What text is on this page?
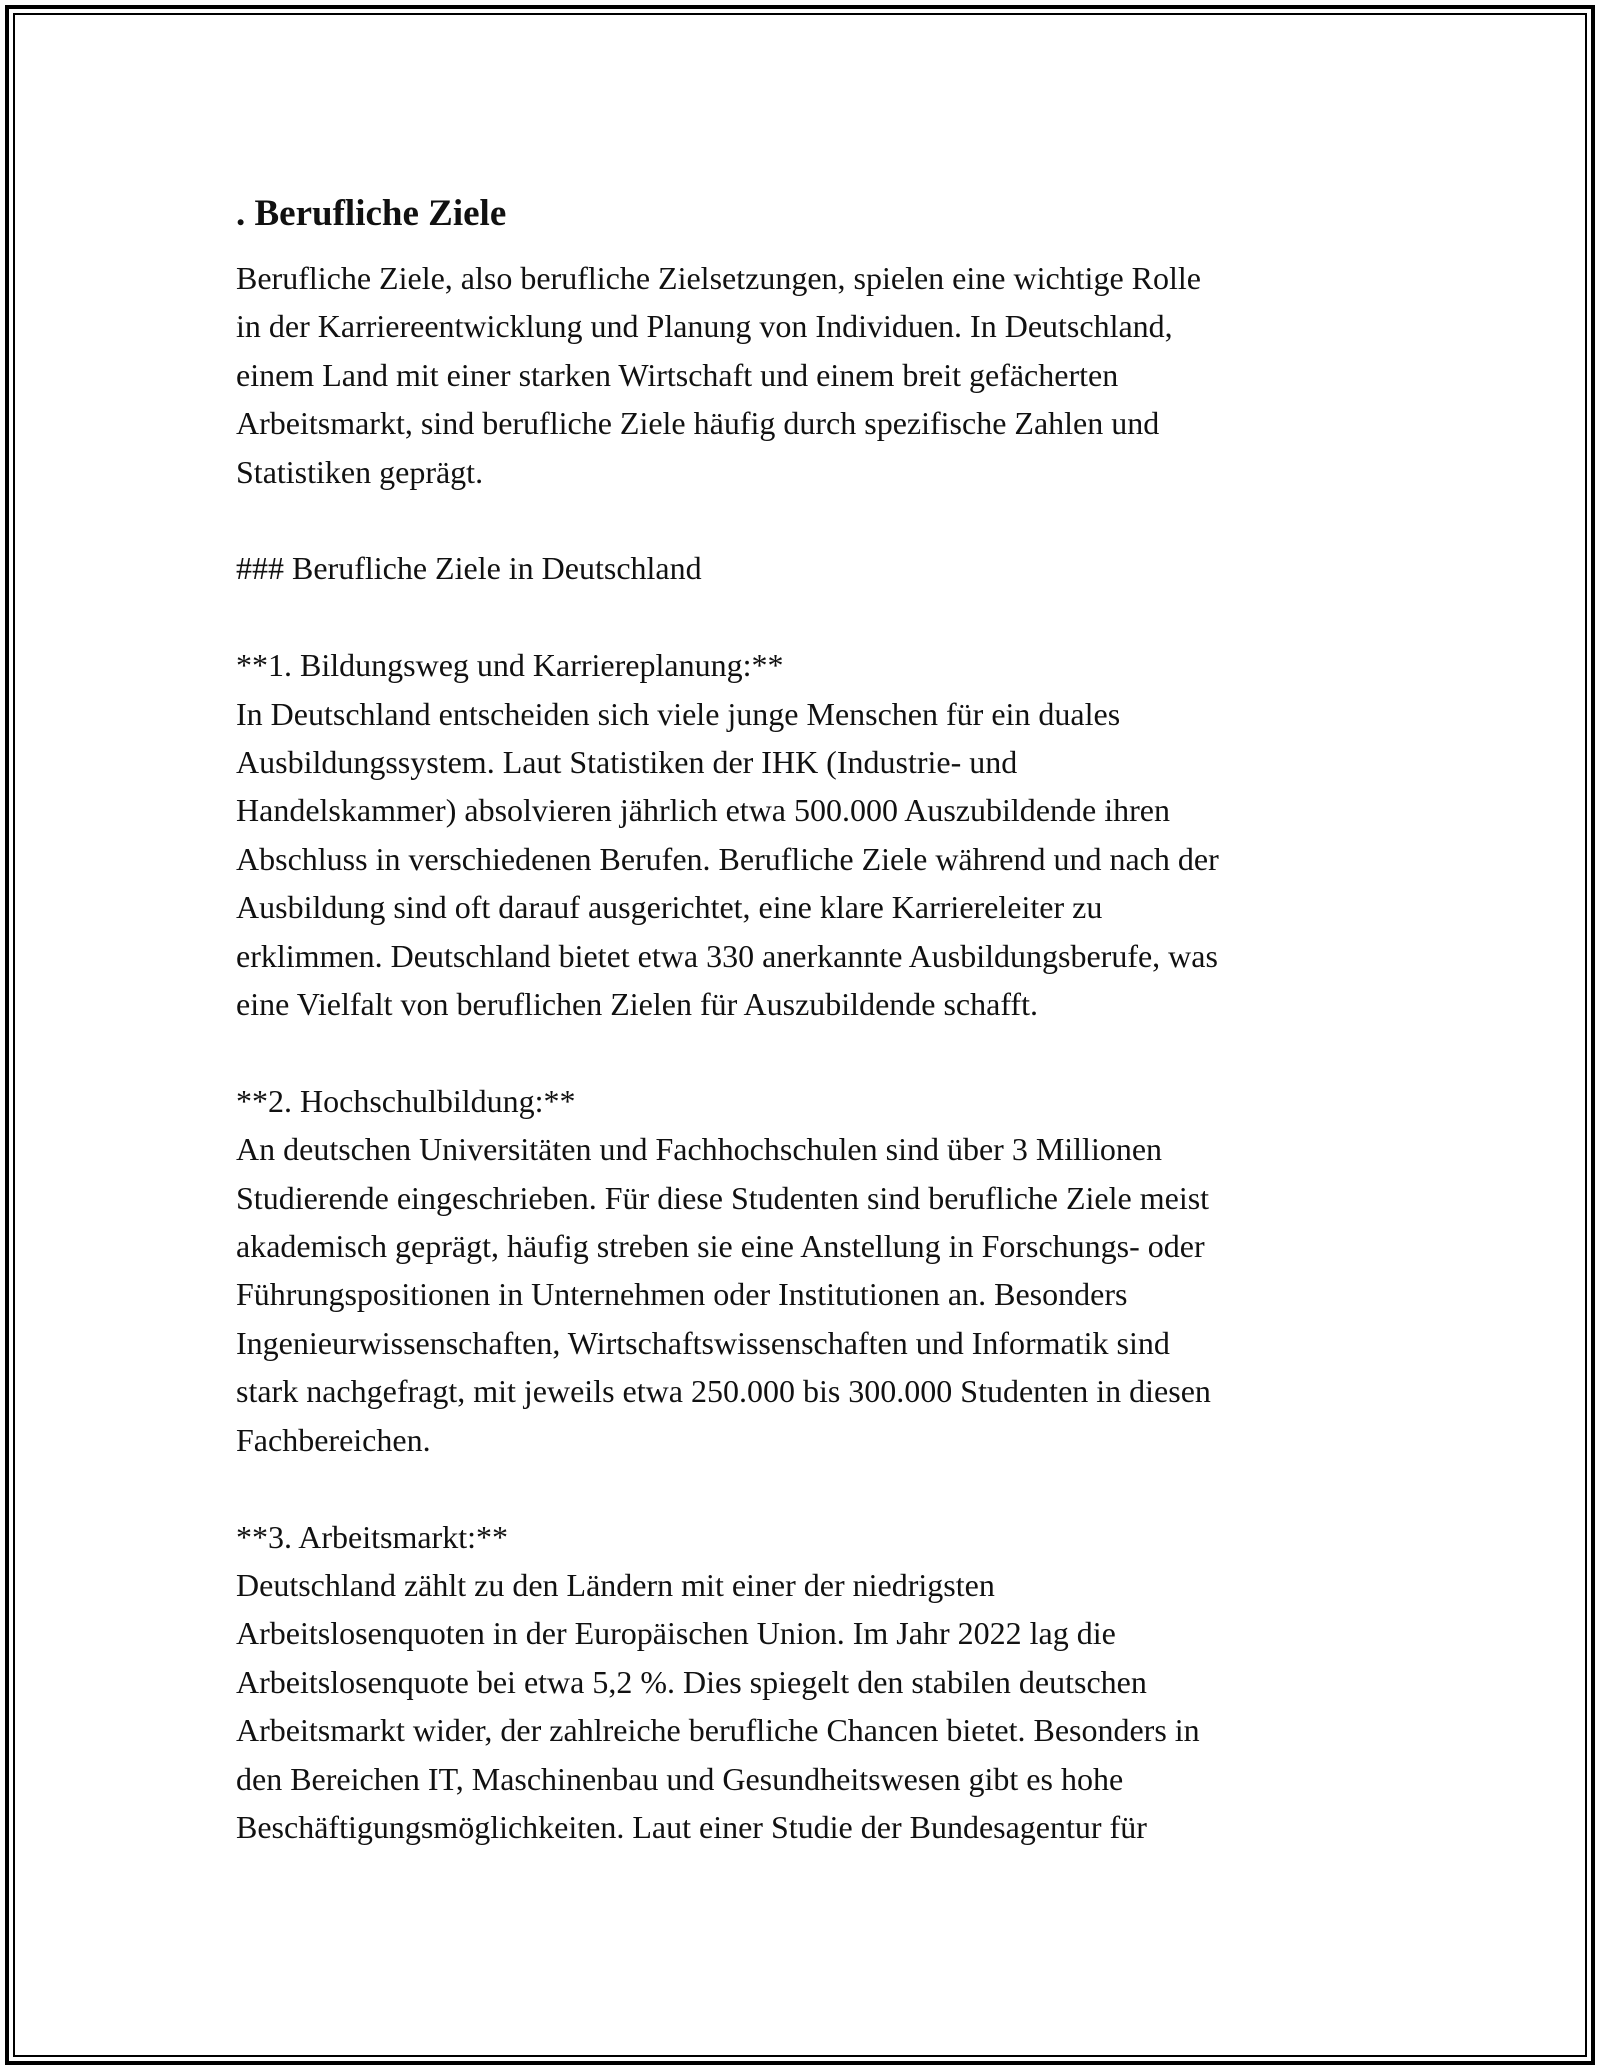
. Berufliche Ziele
Berufliche Ziele, also berufliche Zielsetzungen, spielen eine wichtige Rolle
in der Karriereentwicklung und Planung von Individuen. In Deutschland,
einem Land mit einer starken Wirtschaft und einem breit gefächerten
Arbeitsmarkt, sind berufliche Ziele häufig durch spezifische Zahlen und
Statistiken geprägt.
### Berufliche Ziele in Deutschland
**1. Bildungsweg und Karriereplanung:**
In Deutschland entscheiden sich viele junge Menschen für ein duales
Ausbildungssystem. Laut Statistiken der IHK (Industrie- und
Handelskammer) absolvieren jährlich etwa 500.000 Auszubildende ihren
Abschluss in verschiedenen Berufen. Berufliche Ziele während und nach der
Ausbildung sind oft darauf ausgerichtet, eine klare Karriereleiter zu
erklimmen. Deutschland bietet etwa 330 anerkannte Ausbildungsberufe, was
eine Vielfalt von beruflichen Zielen für Auszubildende schafft.
**2. Hochschulbildung:**
An deutschen Universitäten und Fachhochschulen sind über 3 Millionen
Studierende eingeschrieben. Für diese Studenten sind berufliche Ziele meist
akademisch geprägt, häufig streben sie eine Anstellung in Forschungs- oder
Führungspositionen in Unternehmen oder Institutionen an. Besonders
Ingenieurwissenschaften, Wirtschaftswissenschaften und Informatik sind
stark nachgefragt, mit jeweils etwa 250.000 bis 300.000 Studenten in diesen
Fachbereichen.
**3. Arbeitsmarkt:**
Deutschland zählt zu den Ländern mit einer der niedrigsten
Arbeitslosenquoten in der Europäischen Union. Im Jahr 2022 lag die
Arbeitslosenquote bei etwa 5,2 %. Dies spiegelt den stabilen deutschen
Arbeitsmarkt wider, der zahlreiche berufliche Chancen bietet. Besonders in
den Bereichen IT, Maschinenbau und Gesundheitswesen gibt es hohe
Beschäftigungsmöglichkeiten. Laut einer Studie der Bundesagentur für
